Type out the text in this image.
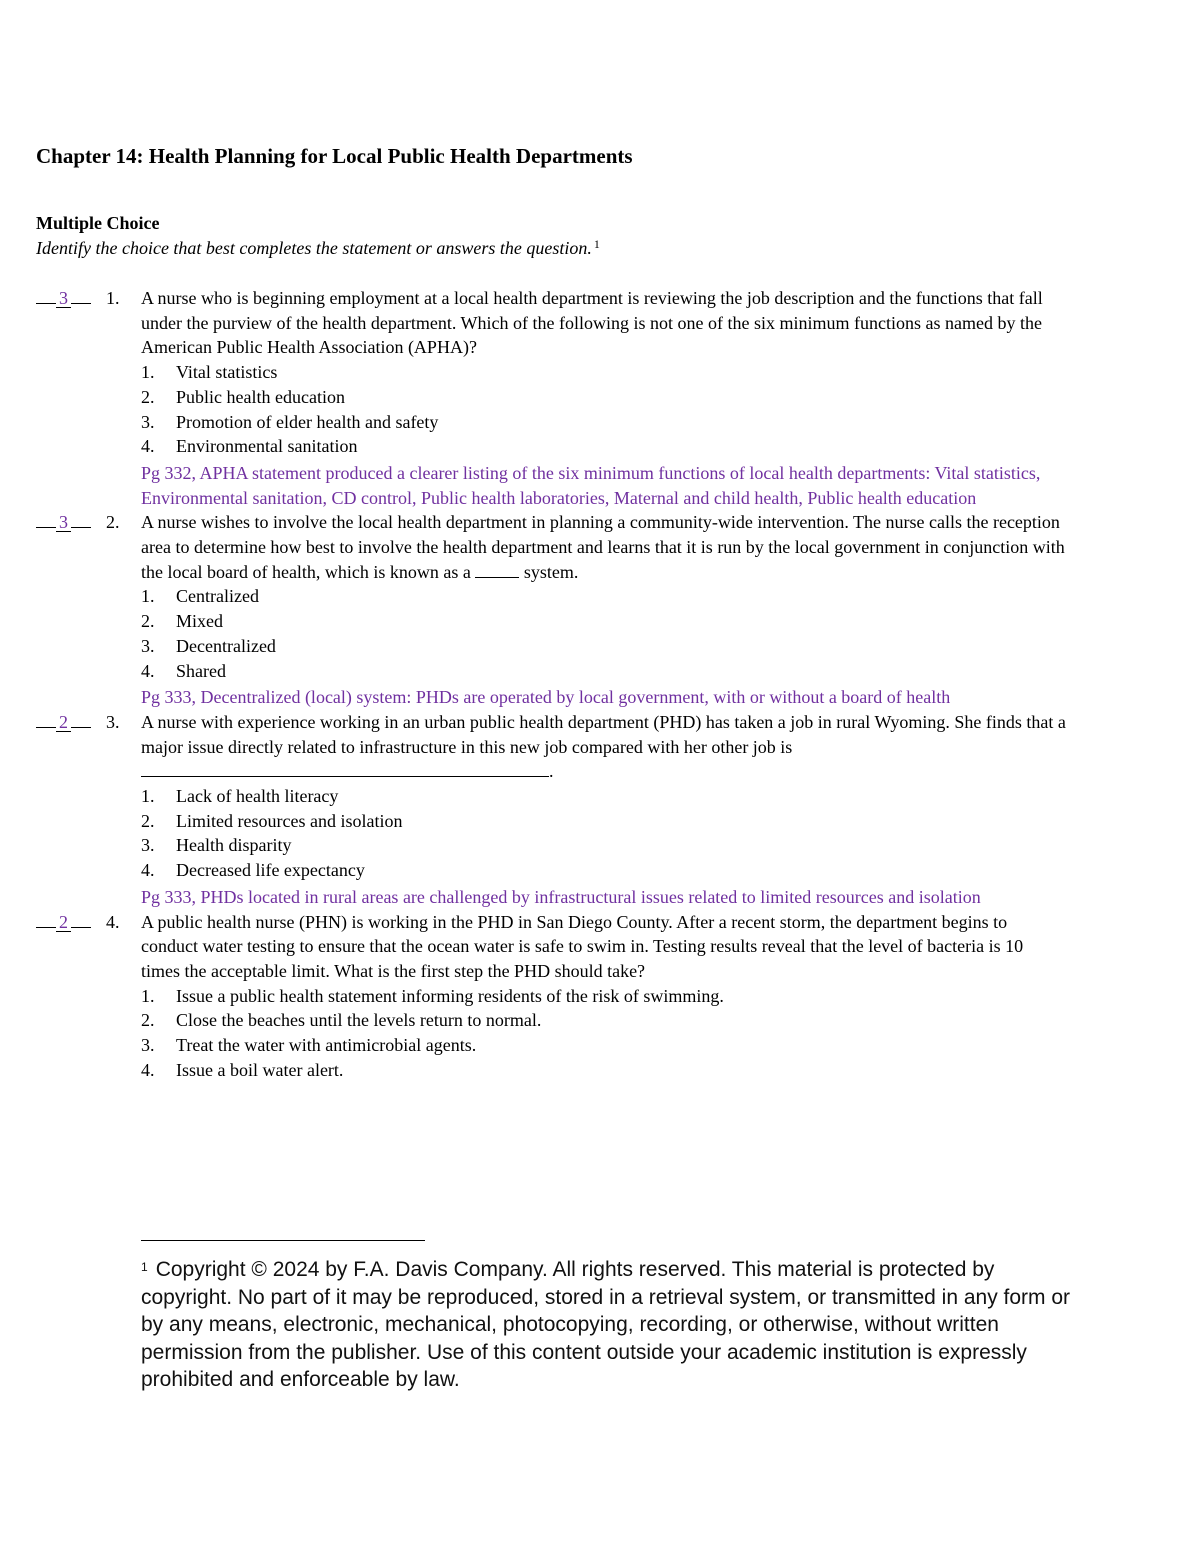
Chapter 14: Health Planning for Local Public Health Departments
Multiple Choice
Identify the choice that best completes the statement or answers the question. $^1$
3	1. A nurse who is beginning employment at a local health department is reviewing the job description and the functions that fall under the purview of the health department. Which of the following is not one of the six minimum functions as named by the American Public Health Association (APHA)?

1. Vital statistics
2. Public health education
3. Promotion of elder health and safety
4. Environmental sanitation

Pg 332, APHA statement produced a clearer listing of the six minimum functions of local health departments: Vital statistics, Environmental sanitation, CD control, Public health laboratories, Maternal and child health, Public health education

3	2. A nurse wishes to involve the local health department in planning a community-wide intervention. The nurse calls the reception area to determine how best to involve the health department and learns that it is run by the local government in conjunction with the local board of health, which is known as a	system.

1. Centralized
2. Mixed
3. Decentralized
4. Shared

Pg 333, Decentralized (local) system: PHDs are operated by local government, with or without a board of health

2	3. A nurse with experience working in an urban public health department (PHD) has taken a job in rural Wyoming. She finds that a major issue directly related to infrastructure in this new job compared with her other job is .

1. Lack of health literacy
2. Limited resources and isolation
3. Health disparity
4. Decreased life expectancy

Pg 333, PHDs located in rural areas are challenged by infrastructural issues related to limited resources and isolation

2	4. A public health nurse (PHN) is working in the PHD in San Diego County. After a recent storm, the department begins to conduct water testing to ensure that the ocean water is safe to swim in. Testing results reveal that the level of bacteria is 10 times the acceptable limit. What is the first step the PHD should take?

1. Issue a public health statement informing residents of the risk of swimming.
2. Close the beaches until the levels return to normal.
3. Treat the water with antimicrobial agents.
4. Issue a boil water alert.
$^1$ Copyright © 2024 by F.A. Davis Company. All rights reserved. This material is protected by copyright. No part of it may be reproduced, stored in a retrieval system, or transmitted in any form or by any means, electronic, mechanical, photocopying, recording, or otherwise, without written permission from the publisher. Use of this content outside your academic institution is expressly prohibited and enforceable by law.
